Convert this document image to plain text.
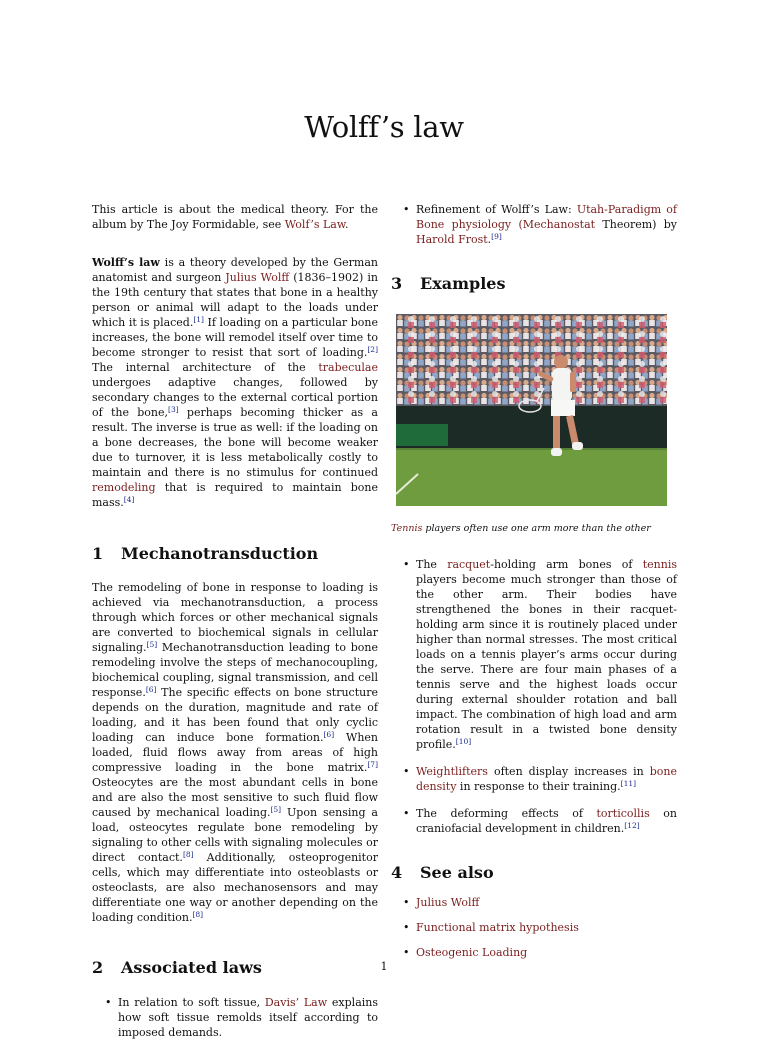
Wolff’s law

This article is about the medical theory. For the album by The Joy Formidable, see Wolf’s Law.

Wolff’s law is a theory developed by the German anatomist and surgeon Julius Wolff (1836–1902) in the 19th century that states that bone in a healthy person or animal will adapt to the loads under which it is placed.[1] If loading on a particular bone increases, the bone will remodel itself over time to become stronger to resist that sort of loading.[2] The internal architecture of the trabeculae undergoes adaptive changes, followed by secondary changes to the external cortical portion of the bone,[3] perhaps becoming thicker as a result. The inverse is true as well: if the loading on a bone decreases, the bone will become weaker due to turnover, it is less metabolically costly to maintain and there is no stimulus for continued remodeling that is required to maintain bone mass.[4]

1	Mechanotransduction

The remodeling of bone in response to loading is achieved via mechanotransduction, a process through which forces or other mechanical signals are converted to biochemical signals in cellular signaling.[5] Mechanotransduction leading to bone remodeling involve the steps of mechanocoupling, biochemical coupling, signal transmission, and cell response.[6] The specific effects on bone structure depends on the duration, magnitude and rate of loading, and it has been found that only cyclic loading can induce bone formation.[6] When loaded, fluid flows away from areas of high compressive loading in the bone matrix.[7] Osteocytes are the most abundant cells in bone and are also the most sensitive to such fluid flow caused by mechanical loading.[5] Upon sensing a load, osteocytes regulate bone remodeling by signaling to other cells with signaling molecules or direct contact.[8] Additionally, osteoprogenitor cells, which may differentiate into osteoblasts or osteoclasts, are also mechanosensors and may differentiate one way or another depending on the loading condition.[8]

2	Associated laws
• In relation to soft tissue, Davis’ Law explains how soft tissue remolds itself according to imposed demands.
• Refinement of Wolff’s Law: Utah-Paradigm of Bone physiology (Mechanostat Theorem) by Harold Frost.[9]
3	Examples

Tennis players often use one arm more than the other

• The racquet-holding arm bones of tennis players become much stronger than those of the other arm. Their bodies have strengthened the bones in their racquet-holding arm since it is routinely placed under higher than normal stresses. The most critical loads on a tennis player’s arms occur during the serve. There are four main phases of a tennis serve and the highest loads occur during external shoulder rotation and ball impact. The combination of high load and arm rotation result in a twisted bone density profile.[10]
• Weightlifters often display increases in bone density in response to their training.[11]
• The deforming effects of torticollis on craniofacial development in children.[12]
4	See also
• Julius Wolff
• Functional matrix hypothesis
• Osteogenic Loading
1
